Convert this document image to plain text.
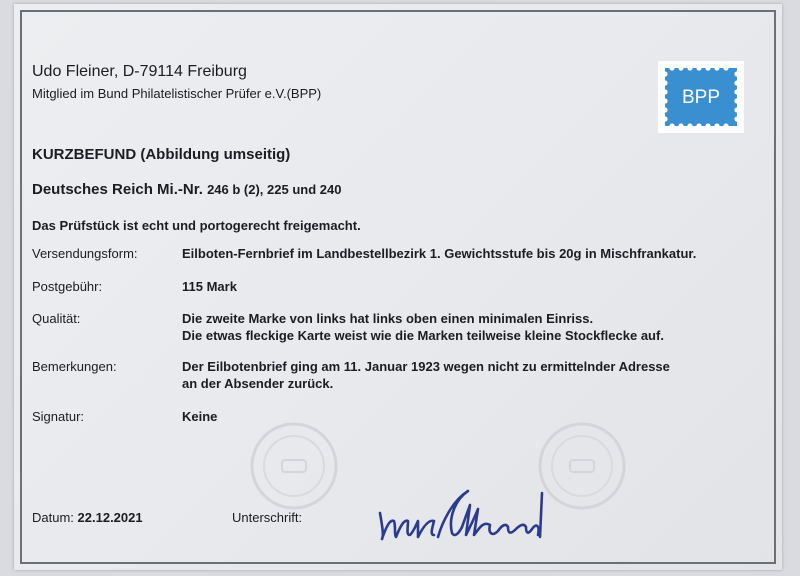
Udo Fleiner, D-79114 Freiburg
Mitglied im Bund Philatelistischer Prüfer e.V.(BPP)	BPP
KURZBEFUND (Abbildung umseitig)
Deutsches Reich Mi.-Nr. 246 b (2), 225 und 240
Das Prüfstück ist echt und portogerecht freigemacht.
Versendungsform:	Eilboten-Fernbrief im Landbestellbezirk 1. Gewichtsstufe bis 20g in Mischfrankatur.
Postgebühr:	115 Mark
Qualität:	Die zweite Marke von links hat links oben einen minimalen Einriss.
Die etwas fleckige Karte weist wie die Marken teilweise kleine Stockflecke auf.
Bemerkungen:	Der Eilbotenbrief ging am 11. Januar 1923 wegen nicht zu ermittelnder Adresse
an der Absender zurück.
Signatur:	Keine
Datum: 22.12.2021	Unterschrift:
